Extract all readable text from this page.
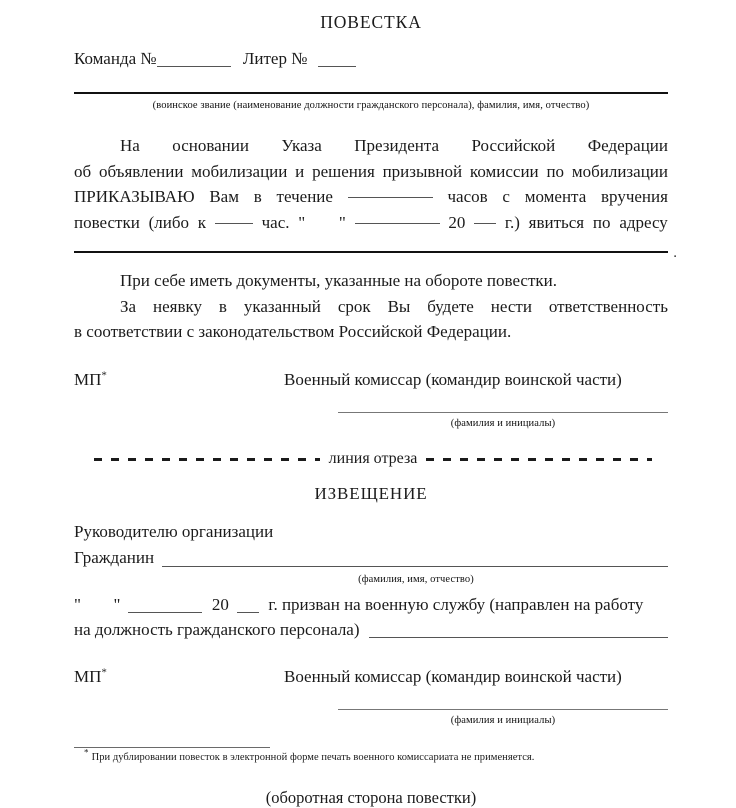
ПОВЕСТКА
Команда №	Литер №
(воинское звание (наименование должности гражданского персонала), фамилия, имя, отчество)
На основании Указа Президента Российской Федерации
об объявлении мобилизации и решения призывной комиссии по мобилизации
ПРИКАЗЫВАЮ Вам в течение	часов с момента вручения
повестки (либо к	час. " "	20 г.) явиться по адресу
.
При себе иметь документы, указанные на обороте повестки.
За неявку в указанный срок Вы будете нести ответственность
в соответствии с законодательством Российской Федерации.
МП*	Военный комиссар (командир воинской части)
(фамилия и инициалы)
линия отреза
ИЗВЕЩЕНИЕ
Руководителю организации
Гражданин
(фамилия, имя, отчество)
" "	20 г. призван на военную службу (направлен на работу
на должность гражданского персонала)
МП*	Военный комиссар (командир воинской части)
(фамилия и инициалы)
* При дублировании повесток в электронной форме печать военного комиссариата не применяется.
(оборотная сторона повестки)
